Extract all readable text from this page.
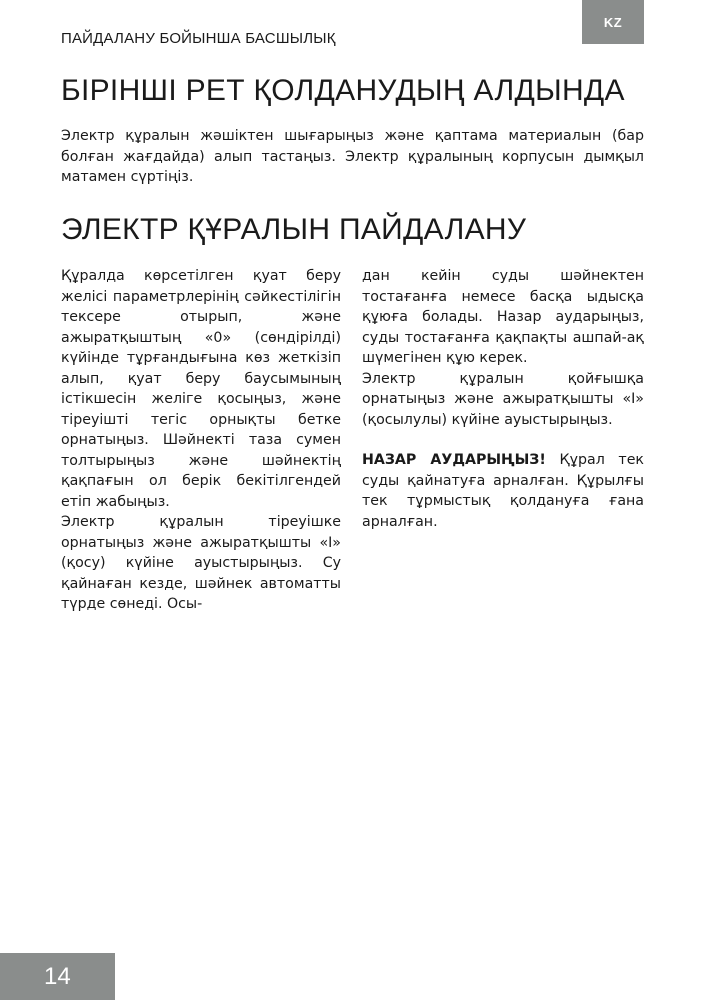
KZ
ПАЙДАЛАНУ БОЙЫНША БАСШЫЛЫҚ
БІРІНШІ РЕТ ҚОЛДАНУДЫҢ АЛДЫНДА

Электр құралын жәшіктен шығарыңыз және қаптама материалын (бар болған жағдайда) алып тастаңыз. Электр құралының корпусын дымқыл матамен сүртіңіз.

ЭЛЕКТР ҚҰРАЛЫН ПАЙДАЛАНУ

Құралда көрсетілген қуат беру желісі параметрлерінің сәйкестілігін тексере отырып, және ажыратқыштың «0» (сөндірілді) күйінде тұрғандығына көз жеткізіп алып, қуат беру баусымының істікшесін желіге қосыңыз, және тіреуішті тегіс орнықты бетке орнатыңыз. Шәйнекті таза сумен толтырыңыз және шәйнектің қақпағын ол берік бекітілгендей етіп жабыңыз.

Электр құралын тіреуішке орнатыңыз және ажыратқышты «I» (қосу) күйіне ауыстырыңыз. Су қайнаған кезде, шәйнек автоматты түрде сөнеді. Осы-

дан кейін суды шәйнектен тостағанға немесе басқа ыдысқа құюға болады. Назар аударыңыз, суды тостағанға қақпақты ашпай-ақ шүмегінен құю керек.

Электр құралын қойғышқа орнатыңыз және ажыратқышты «I» (қосылулы) күйіне ауыстырыңыз.

НАЗАР АУДАРЫҢЫЗ! Құрал тек суды қайнатуға арналған. Құрылғы тек тұрмыстық қолдануға ғана арналған.

14
